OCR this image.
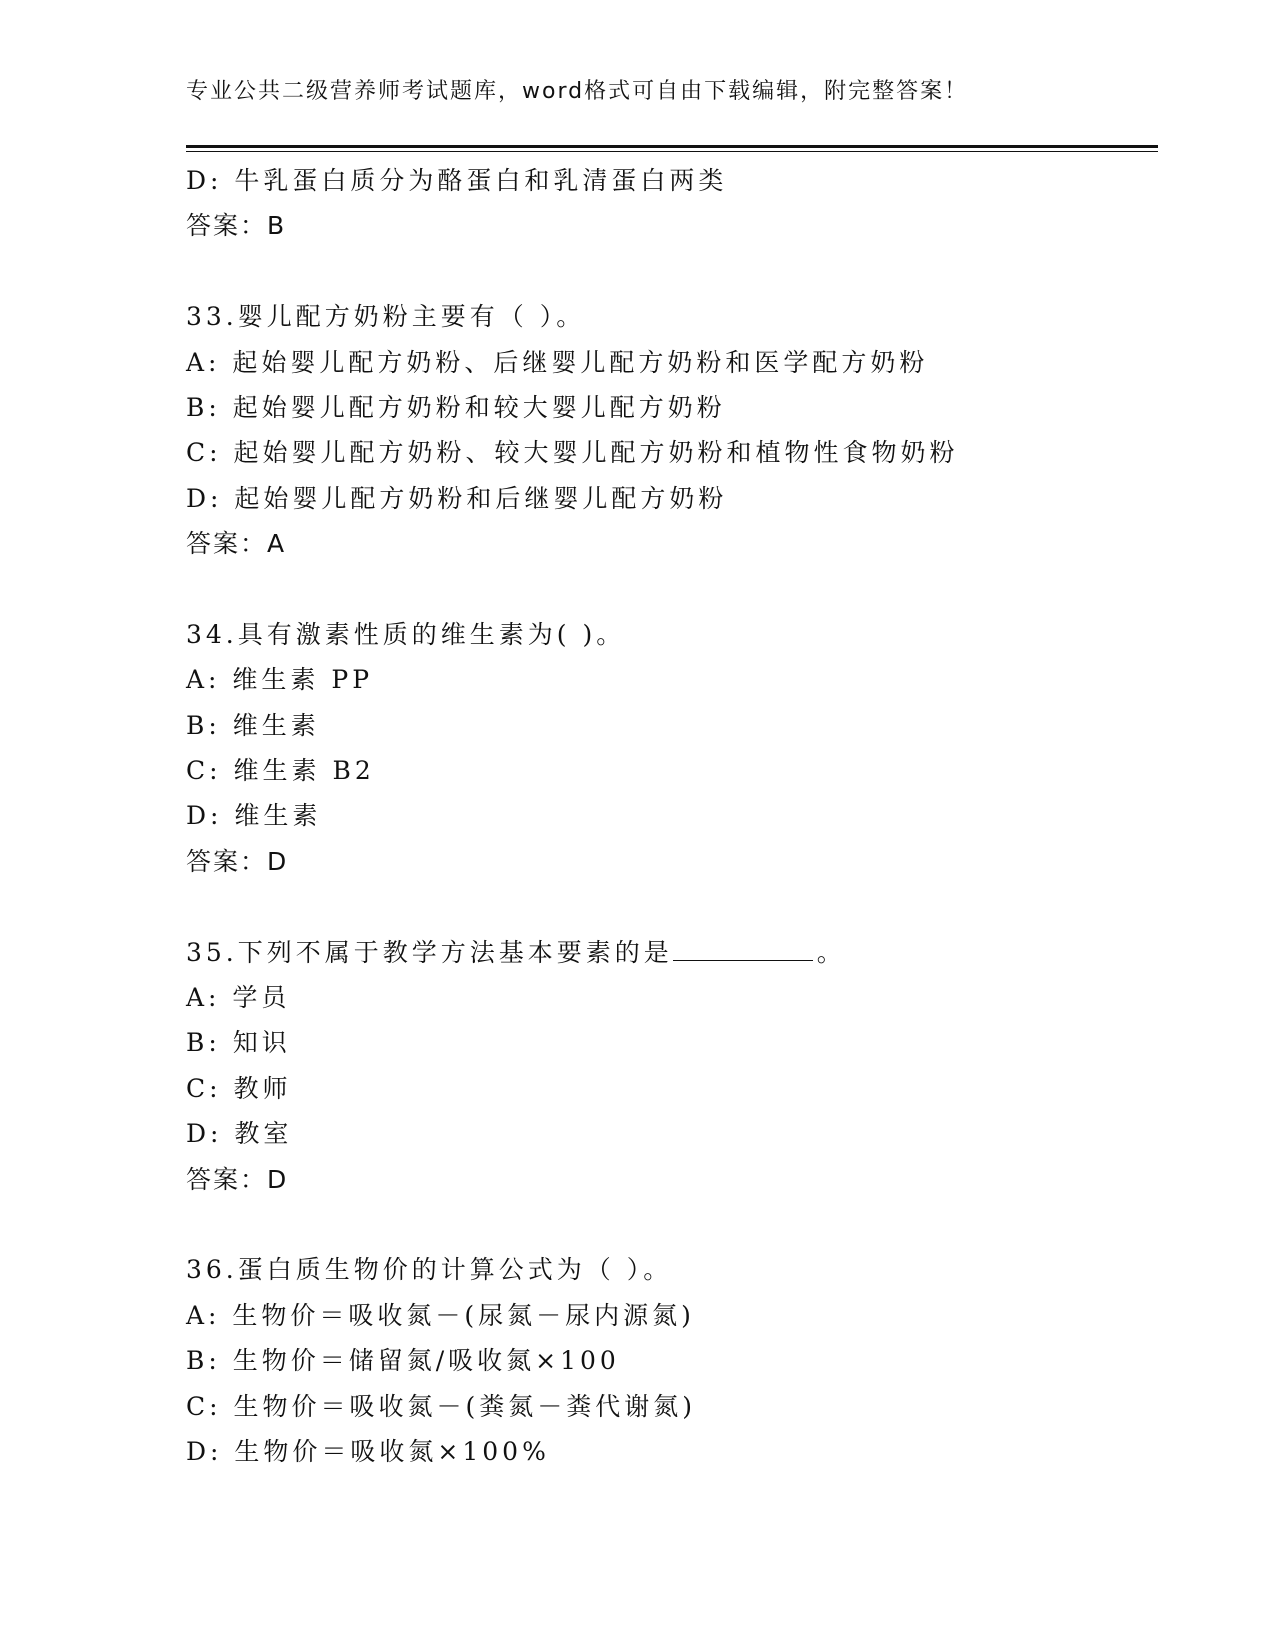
专业公共二级营养师考试题库，word格式可自由下载编辑，附完整答案！
D: 牛乳蛋白质分为酪蛋白和乳清蛋白两类
答案：B
33.婴儿配方奶粉主要有（ ）。
A: 起始婴儿配方奶粉、后继婴儿配方奶粉和医学配方奶粉
B: 起始婴儿配方奶粉和较大婴儿配方奶粉
C: 起始婴儿配方奶粉、较大婴儿配方奶粉和植物性食物奶粉
D: 起始婴儿配方奶粉和后继婴儿配方奶粉
答案：A
34.具有激素性质的维生素为( )。
A: 维生素 PP
B: 维生素
C: 维生素 B2
D: 维生素
答案：D
35.下列不属于教学方法基本要素的是	。
A: 学员
B: 知识
C: 教师
D: 教室
答案：D
36.蛋白质生物价的计算公式为（ ）。
A: 生物价＝吸收氮－(尿氮－尿内源氮)
B: 生物价＝储留氮/吸收氮×100
C: 生物价＝吸收氮－(粪氮－粪代谢氮)
D: 生物价＝吸收氮×100%
